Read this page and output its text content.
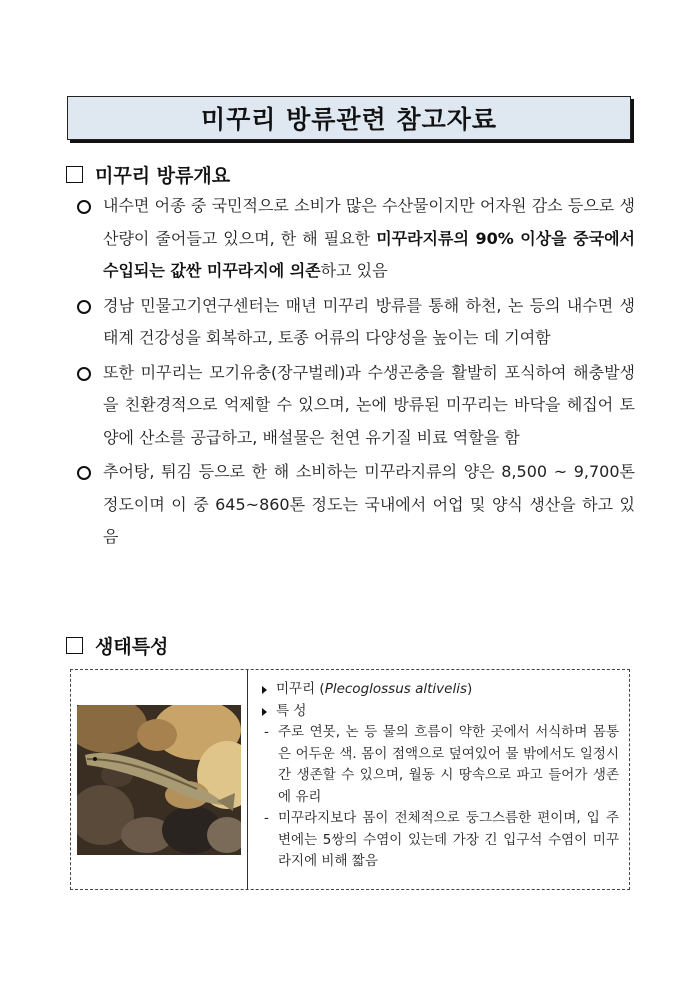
미꾸리 방류관련 참고자료
미꾸리 방류개요
내수면 어종 중 국민적으로 소비가 많은 수산물이지만 어자원 감소 등으로 생산량이 줄어들고 있으며, 한 해 필요한 미꾸라지류의 90% 이상을 중국에서 수입되는 값싼 미꾸라지에 의존하고 있음
경남 민물고기연구센터는 매년 미꾸리 방류를 통해 하천, 논 등의 내수면 생태계 건강성을 회복하고, 토종 어류의 다양성을 높이는 데 기여함
또한 미꾸리는 모기유충(장구벌레)과 수생곤충을 활발히 포식하여 해충발생을 친환경적으로 억제할 수 있으며, 논에 방류된 미꾸리는 바닥을 헤집어 토양에 산소를 공급하고, 배설물은 천연 유기질 비료 역할을 함
추어탕, 튀김 등으로 한 해 소비하는 미꾸라지류의 양은 8,500 ~ 9,700톤 정도이며 이 중 645~860톤 정도는 국내에서 어업 및 양식 생산을 하고 있음
생태특성
미꾸리 (Plecoglossus altivelis)
특 성
- 주로 연못, 논 등 물의 흐름이 약한 곳에서 서식하며 몸통은 어두운 색. 몸이 점액으로 덮여있어 물 밖에서도 일정시간 생존할 수 있으며, 월동 시 땅속으로 파고 들어가 생존에 유리
- 미꾸라지보다 몸이 전체적으로 둥그스름한 편이며, 입 주변에는 5쌍의 수염이 있는데 가장 긴 입구석 수염이 미꾸라지에 비해 짧음
